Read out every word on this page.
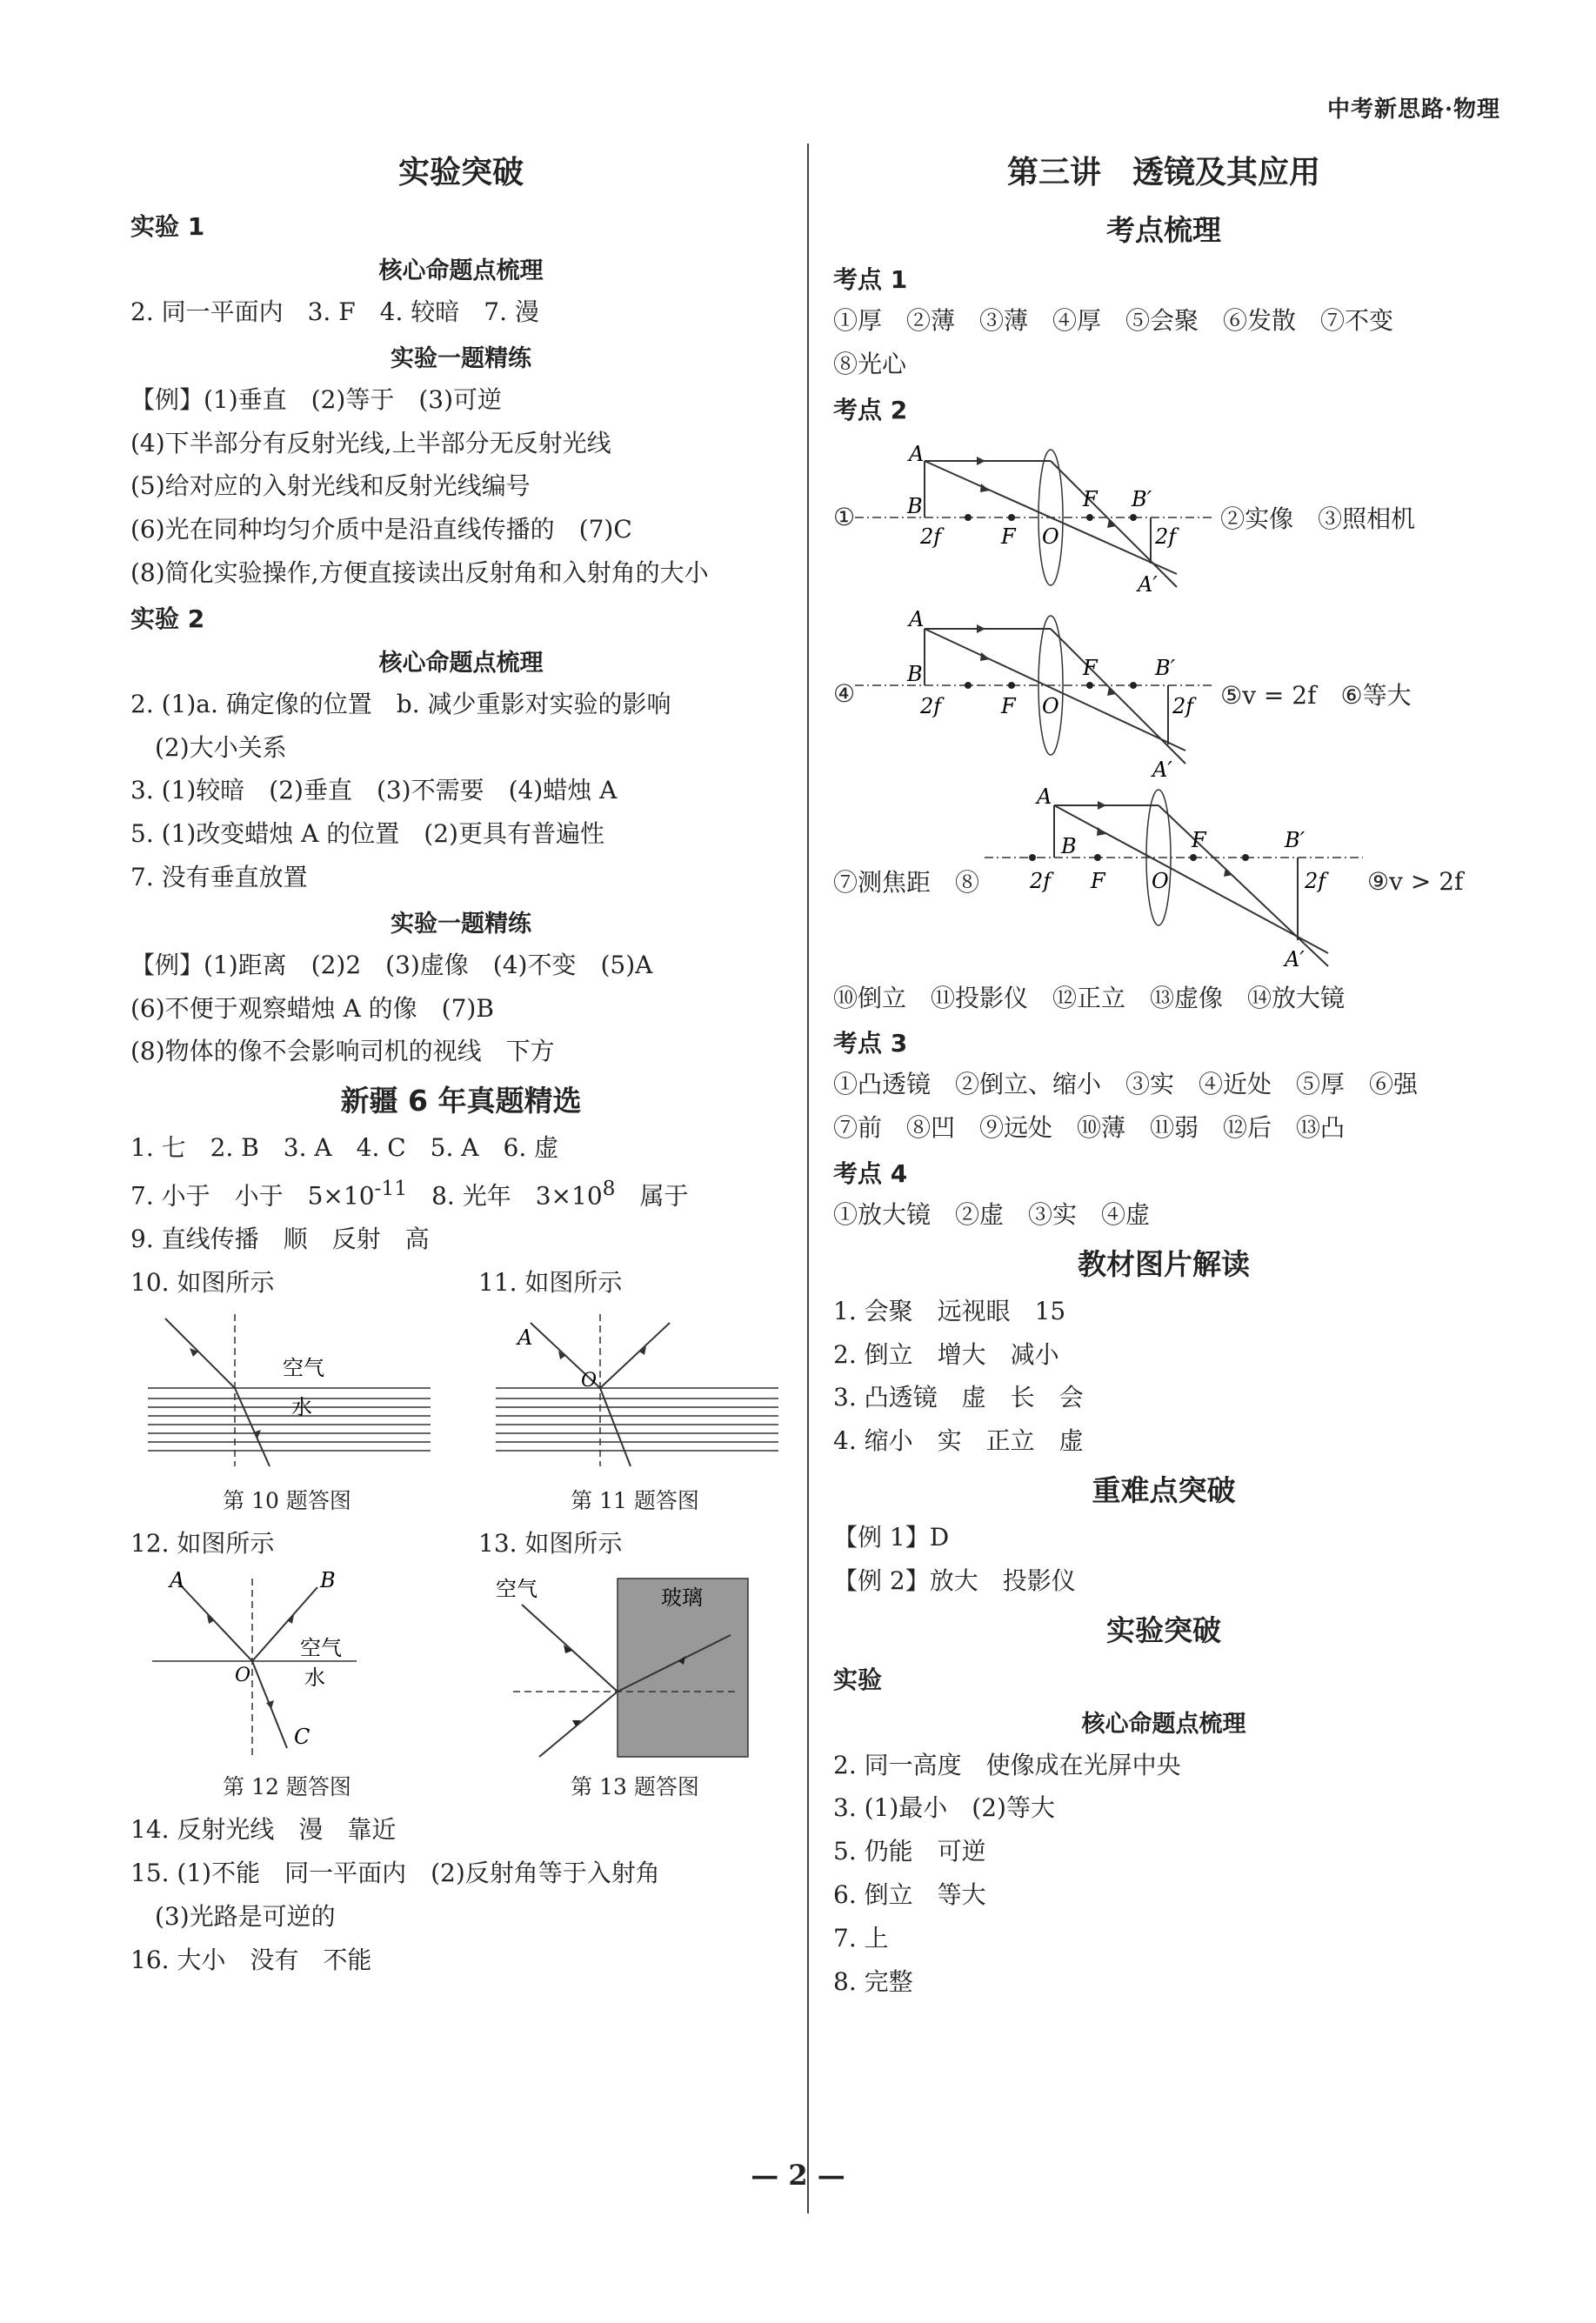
中考新思路·物理
实验突破
实验 1
核心命题点梳理
2. 同一平面内　3. F　4. 较暗　7. 漫
实验一题精练
【例】(1)垂直　(2)等于　(3)可逆
(4)下半部分有反射光线,上半部分无反射光线
(5)给对应的入射光线和反射光线编号
(6)光在同种均匀介质中是沿直线传播的　(7)C
(8)简化实验操作,方便直接读出反射角和入射角的大小
实验 2
核心命题点梳理
2. (1)a. 确定像的位置　b. 减少重影对实验的影响
(2)大小关系
3. (1)较暗　(2)垂直　(3)不需要　(4)蜡烛 A
5. (1)改变蜡烛 A 的位置　(2)更具有普遍性
7. 没有垂直放置
实验一题精练
【例】(1)距离　(2)2　(3)虚像　(4)不变　(5)A
(6)不便于观察蜡烛 A 的像　(7)B
(8)物体的像不会影响司机的视线　下方
新疆 6 年真题精选
1. 七　2. B　3. A　4. C　5. A　6. 虚
7. 小于　小于　$5\times 10^{-11}$　8. 光年　$3\times 10^8$　属于
9. 直线传播　顺　反射　高
10. 如图所示
空气
水
第 10 题答图
11. 如图所示
A
O
第 11 题答图
12. 如图所示
A	B
C
O
空气
水
第 12 题答图
13. 如图所示
空气	玻璃
第 13 题答图
14. 反射光线　漫　靠近
15. (1)不能　同一平面内　(2)反射角等于入射角
(3)光路是可逆的
16. 大小　没有　不能
第三讲　透镜及其应用
考点梳理
考点 1
①厚　②薄　③薄　④厚　⑤会聚　⑥发散　⑦不变
⑧光心
考点 2
①
A
B
2f	F O
F B′
2f
A′
②实像　③照相机
④
A
B
2f	F O
F	B′
2f
A′
⑤v = 2f　⑥等大
⑦测焦距　⑧
A
B
2f F O
F	B′
2f
A′
⑨v > 2f
⑩倒立　⑪投影仪　⑫正立　⑬虚像　⑭放大镜
考点 3
①凸透镜　②倒立、缩小　③实　④近处　⑤厚　⑥强
⑦前　⑧凹　⑨远处　⑩薄　⑪弱　⑫后　⑬凸
考点 4
①放大镜　②虚　③实　④虚
教材图片解读
1. 会聚　远视眼　15
2. 倒立　增大　减小
3. 凸透镜　虚　长　会
4. 缩小　实　正立　虚
重难点突破
【例 1】D
【例 2】放大　投影仪
实验突破
实验
核心命题点梳理
2. 同一高度　使像成在光屏中央
3. (1)最小　(2)等大
5. 仍能　可逆
6. 倒立　等大
7. 上
8. 完整
— 2 —
